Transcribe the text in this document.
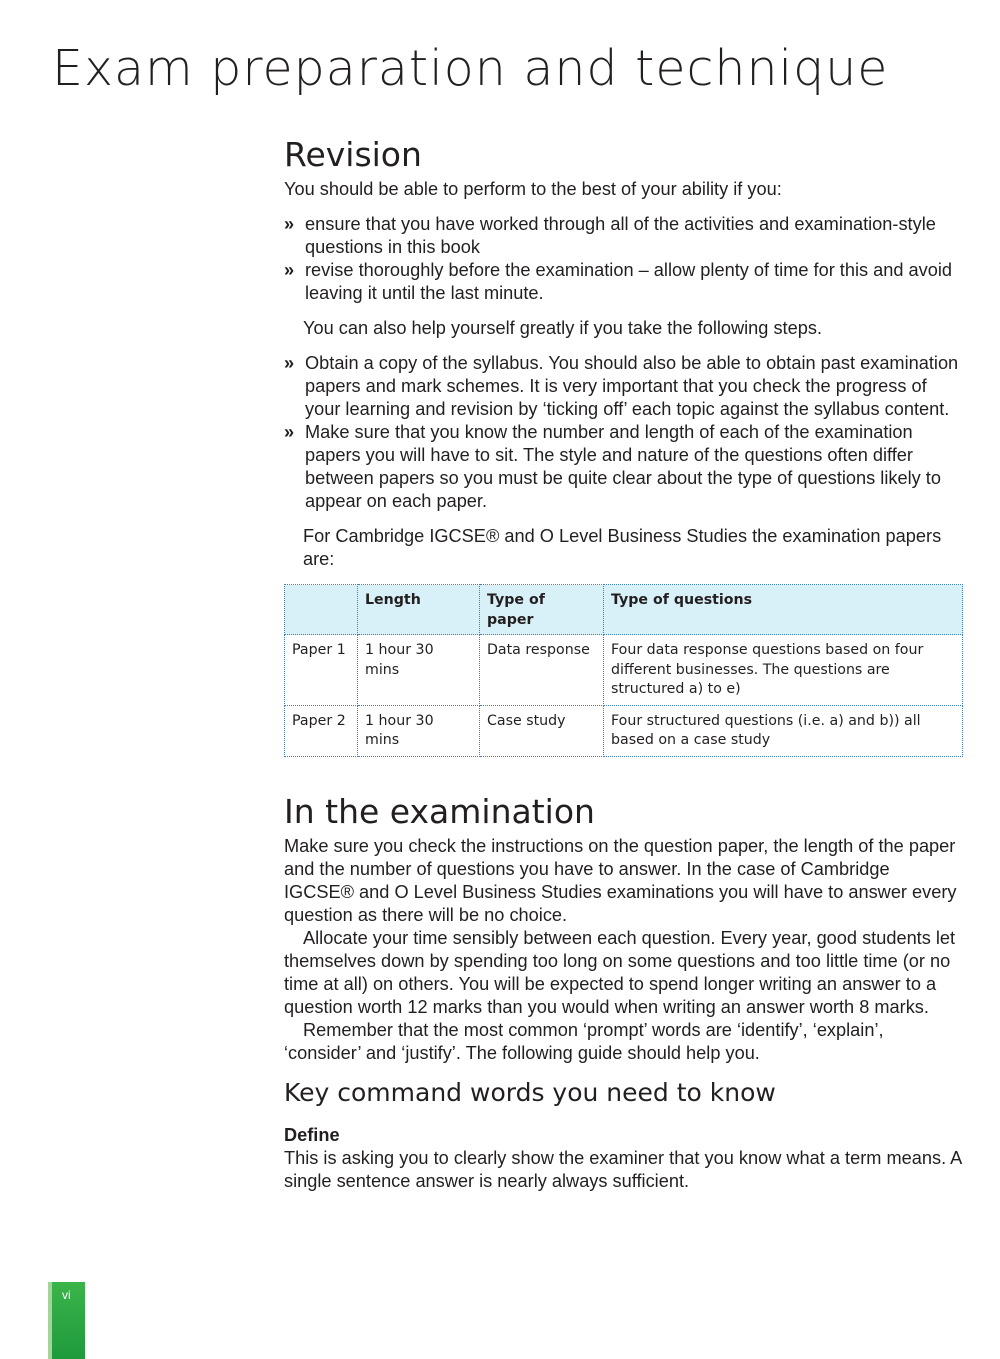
Exam preparation and technique
Revision

You should be able to perform to the best of your ability if you:

» ensure that you have worked through all of the activities and examination-style questions in this book
» revise thoroughly before the examination – allow plenty of time for this and avoid leaving it until the last minute.

You can also help yourself greatly if you take the following steps.

» Obtain a copy of the syllabus. You should also be able to obtain past examination papers and mark schemes. It is very important that you check the progress of your learning and revision by ‘ticking off’ each topic against the syllabus content.
» Make sure that you know the number and length of each of the examination papers you will have to sit. The style and nature of the questions often differ between papers so you must be quite clear about the type of questions likely to appear on each paper.

For Cambridge IGCSE® and O Level Business Studies the examination papers are:

	Length	Type of paper	Type of questions
Paper 1	1 hour 30 mins	Data response	Four data response questions based on four different businesses. The questions are structured a) to e)
Paper 2	1 hour 30 mins	Case study	Four structured questions (i.e. a) and b)) all based on a case study
In the examination

Make sure you check the instructions on the question paper, the length of the paper and the number of questions you have to answer. In the case of Cambridge IGCSE® and O Level Business Studies examinations you will have to answer every question as there will be no choice.

Allocate your time sensibly between each question. Every year, good students let themselves down by spending too long on some questions and too little time (or no time at all) on others. You will be expected to spend longer writing an answer to a question worth 12 marks than you would when writing an answer worth 8 marks.

Remember that the most common ‘prompt’ words are ‘identify’, ‘explain’, ‘consider’ and ‘justify’. The following guide should help you.

Key command words you need to know

Define

This is asking you to clearly show the examiner that you know what a term means. A single sentence answer is nearly always sufficient.

vi
